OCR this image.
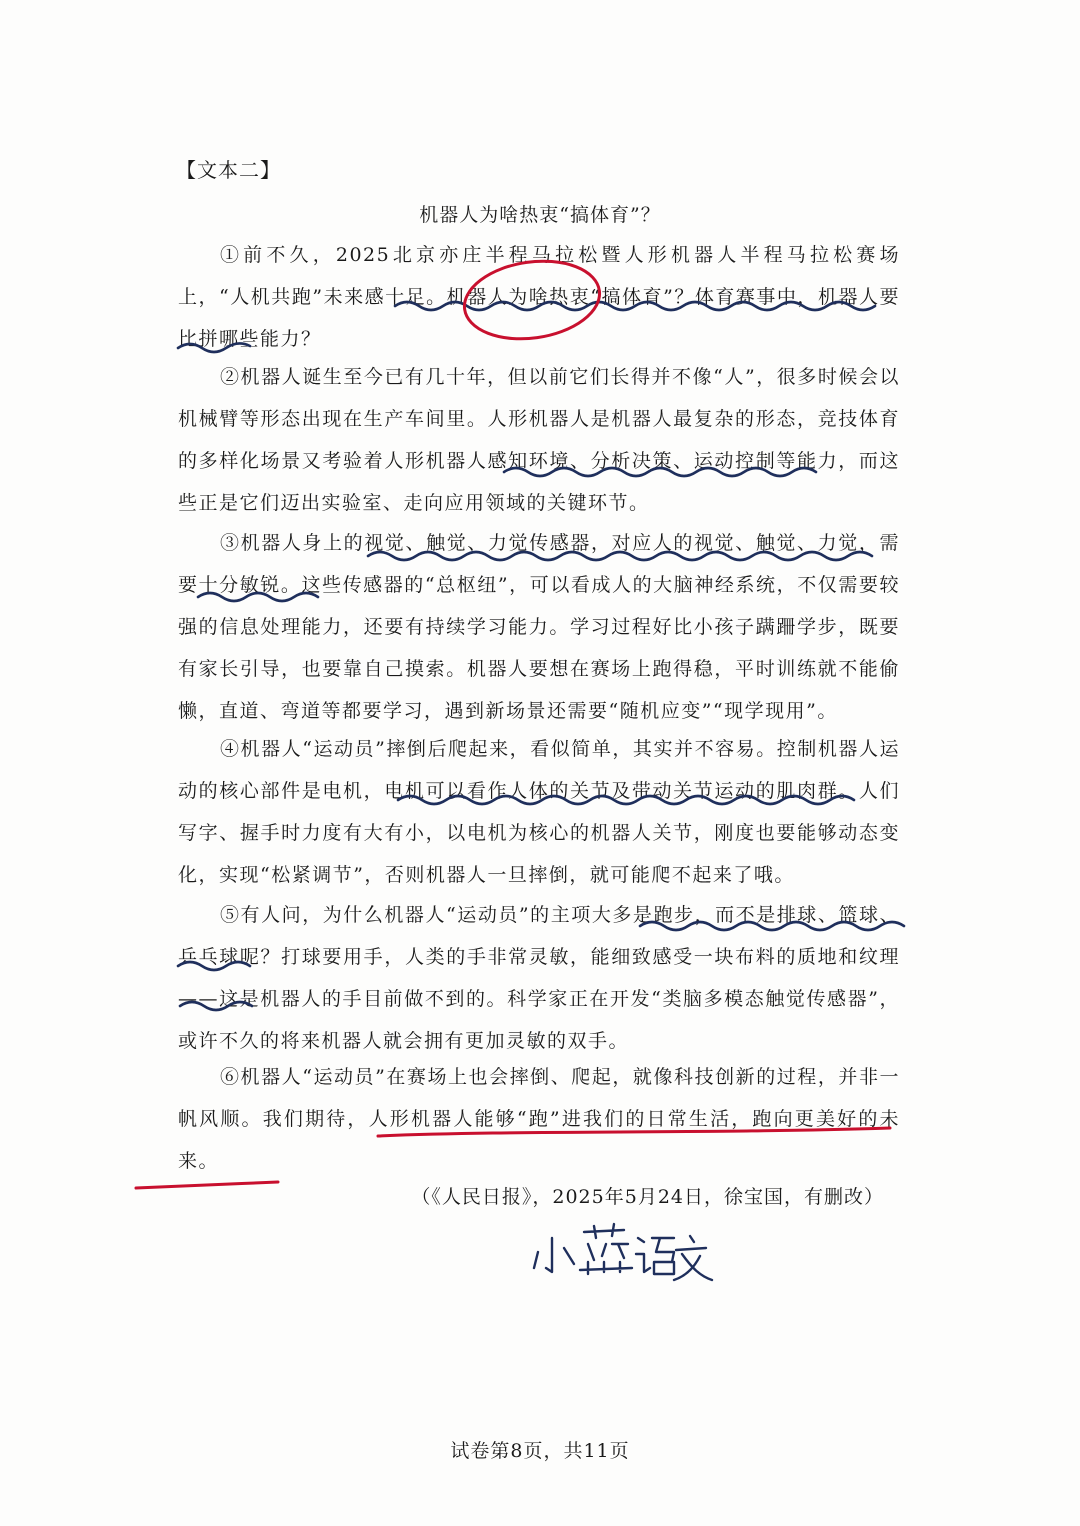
【文本二】
机器人为啥热衷“搞体育”？

①前不久，2025北京亦庄半程马拉松暨人形机器人半程马拉松赛场上，“人机共跑”未来感十足。机器人为啥热衷“搞体育”？体育赛事中，机器人要比拼哪些能力？

②机器人诞生至今已有几十年，但以前它们长得并不像“人”，很多时候会以机械臂等形态出现在生产车间里。人形机器人是机器人最复杂的形态，竞技体育的多样化场景又考验着人形机器人感知环境、分析决策、运动控制等能力，而这些正是它们迈出实验室、走向应用领域的关键环节。

③机器人身上的视觉、触觉、力觉传感器，对应人的视觉、触觉、力觉，需要十分敏锐。这些传感器的“总枢纽”，可以看成人的大脑神经系统，不仅需要较强的信息处理能力，还要有持续学习能力。学习过程好比小孩子蹒跚学步，既要有家长引导，也要靠自己摸索。机器人要想在赛场上跑得稳，平时训练就不能偷懒，直道、弯道等都要学习，遇到新场景还需要“随机应变”“现学现用”。

④机器人“运动员”摔倒后爬起来，看似简单，其实并不容易。控制机器人运动的核心部件是电机，电机可以看作人体的关节及带动关节运动的肌肉群。人们写字、握手时力度有大有小，以电机为核心的机器人关节，刚度也要能够动态变化，实现“松紧调节”，否则机器人一旦摔倒，就可能爬不起来了哦。

⑤有人问，为什么机器人“运动员”的主项大多是跑步，而不是排球、篮球、乒乓球呢？打球要用手，人类的手非常灵敏，能细致感受一块布料的质地和纹理——这是机器人的手目前做不到的。科学家正在开发“类脑多模态触觉传感器”，或许不久的将来机器人就会拥有更加灵敏的双手。

⑥机器人“运动员”在赛场上也会摔倒、爬起，就像科技创新的过程，并非一帆风顺。我们期待，人形机器人能够“跑”进我们的日常生活，跑向更美好的未来。

（《人民日报》，2025年5月24日，徐宝国，有删改）
试卷第8页，共11页
